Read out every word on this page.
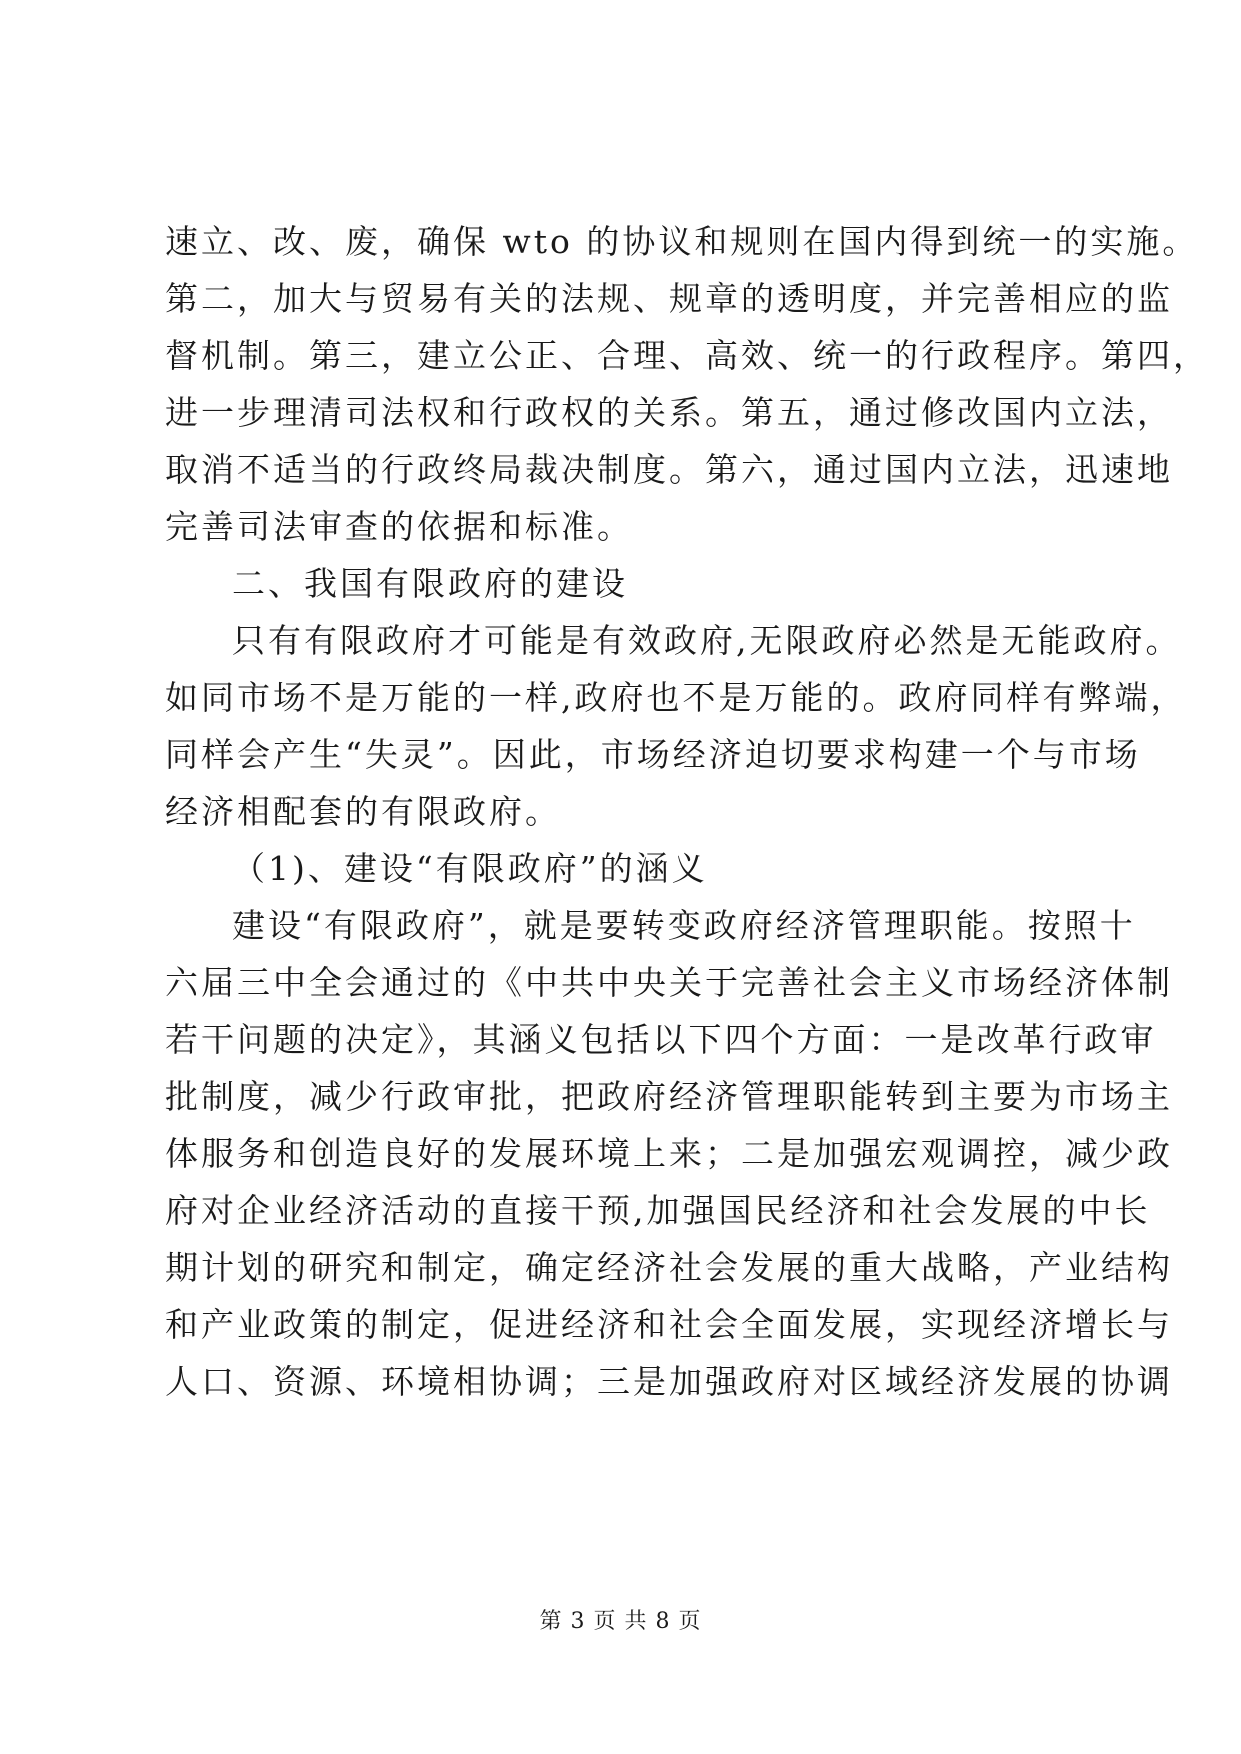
速立、改、废，确保 wto 的协议和规则在国内得到统一的实施。
第二，加大与贸易有关的法规、规章的透明度，并完善相应的监
督机制。第三，建立公正、合理、高效、统一的行政程序。第四，
进一步理清司法权和行政权的关系。第五，通过修改国内立法，
取消不适当的行政终局裁决制度。第六，通过国内立法，迅速地
完善司法审查的依据和标准。
二、我国有限政府的建设
只有有限政府才可能是有效政府,无限政府必然是无能政府。
如同市场不是万能的一样,政府也不是万能的。政府同样有弊端，
同样会产生“失灵”。因此，市场经济迫切要求构建一个与市场
经济相配套的有限政府。
（1)、建设“有限政府”的涵义
建设“有限政府”，就是要转变政府经济管理职能。按照十
六届三中全会通过的《中共中央关于完善社会主义市场经济体制
若干问题的决定》，其涵义包括以下四个方面：一是改革行政审
批制度，减少行政审批，把政府经济管理职能转到主要为市场主
体服务和创造良好的发展环境上来；二是加强宏观调控，减少政
府对企业经济活动的直接干预,加强国民经济和社会发展的中长
期计划的研究和制定，确定经济社会发展的重大战略，产业结构
和产业政策的制定，促进经济和社会全面发展，实现经济增长与
人口、资源、环境相协调；三是加强政府对区域经济发展的协调
第 3 页 共 8 页
